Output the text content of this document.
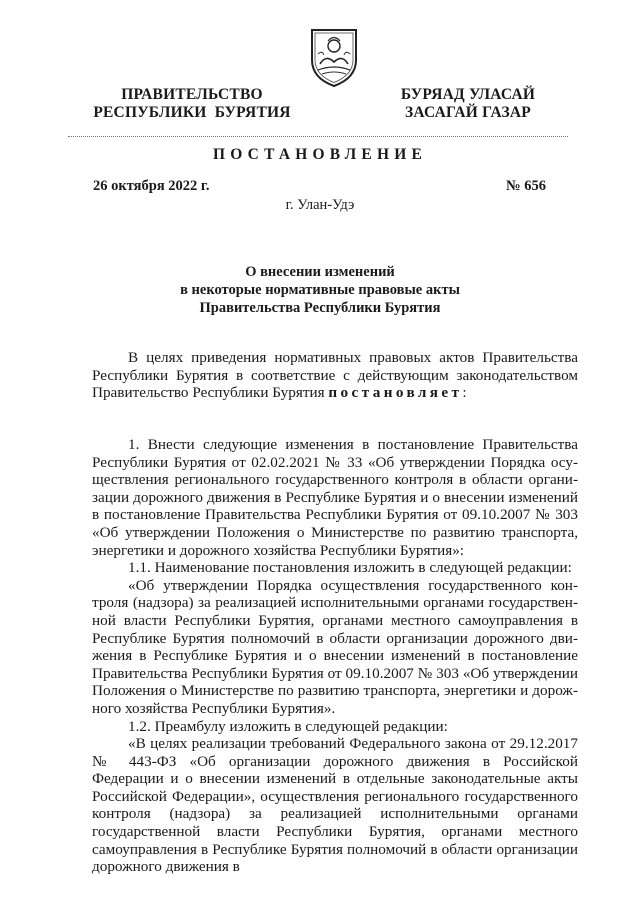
ПРАВИТЕЛЬСТВО
РЕСПУБЛИКИ  БУРЯТИЯ
БУРЯАД УЛАСАЙ
ЗАСАГАЙ ГАЗАР
ПОСТАНОВЛЕНИЕ
26 октября 2022 г.	№ 656
г. Улан-Удэ
О внесении изменений
в некоторые нормативные правовые акты
Правительства Республики Бурятия

В целях приведения нормативных правовых актов Правительства Республики Бурятия в соответствие с действующим законодательством Правительство Республики Бурятия постановляет:

1. Внести следующие изменения в постановление Правительства Республики Бурятия от 02.02.2021 № 33 «Об утверждении Порядка осуществления регионального государственного контроля в области организации дорожного движения в Республике Бурятия и о внесении изменений в постановление Правительства Республики Бурятия от 09.10.2007 № 303 «Об утверждении Положения о Министерстве по развитию транспорта, энергетики и дорожного хозяйства Республики Бурятия»:

1.1. Наименование постановления изложить в следующей редакции:

«Об утверждении Порядка осуществления государственного контроля (надзора) за реализацией исполнительными органами государственной власти Республики Бурятия, органами местного самоуправления в Республике Бурятия полномочий в области организации дорожного движения в Республике Бурятия и о внесении изменений в постановление Правительства Республики Бурятия от 09.10.2007 № 303 «Об утверждении Положения о Министерстве по развитию транспорта, энергетики и дорожного хозяйства Республики Бурятия».

1.2. Преамбулу изложить в следующей редакции:

«В целях реализации требований Федерального закона от 29.12.2017 № 443-ФЗ «Об организации дорожного движения в Российской Федерации и о внесении изменений в отдельные законодательные акты Российской Федерации», осуществления регионального государственного контроля (надзора) за реализацией исполнительными органами государственной власти Республики Бурятия, органами местного самоуправления в Республике Бурятия полномочий в области организации дорожного движения в
